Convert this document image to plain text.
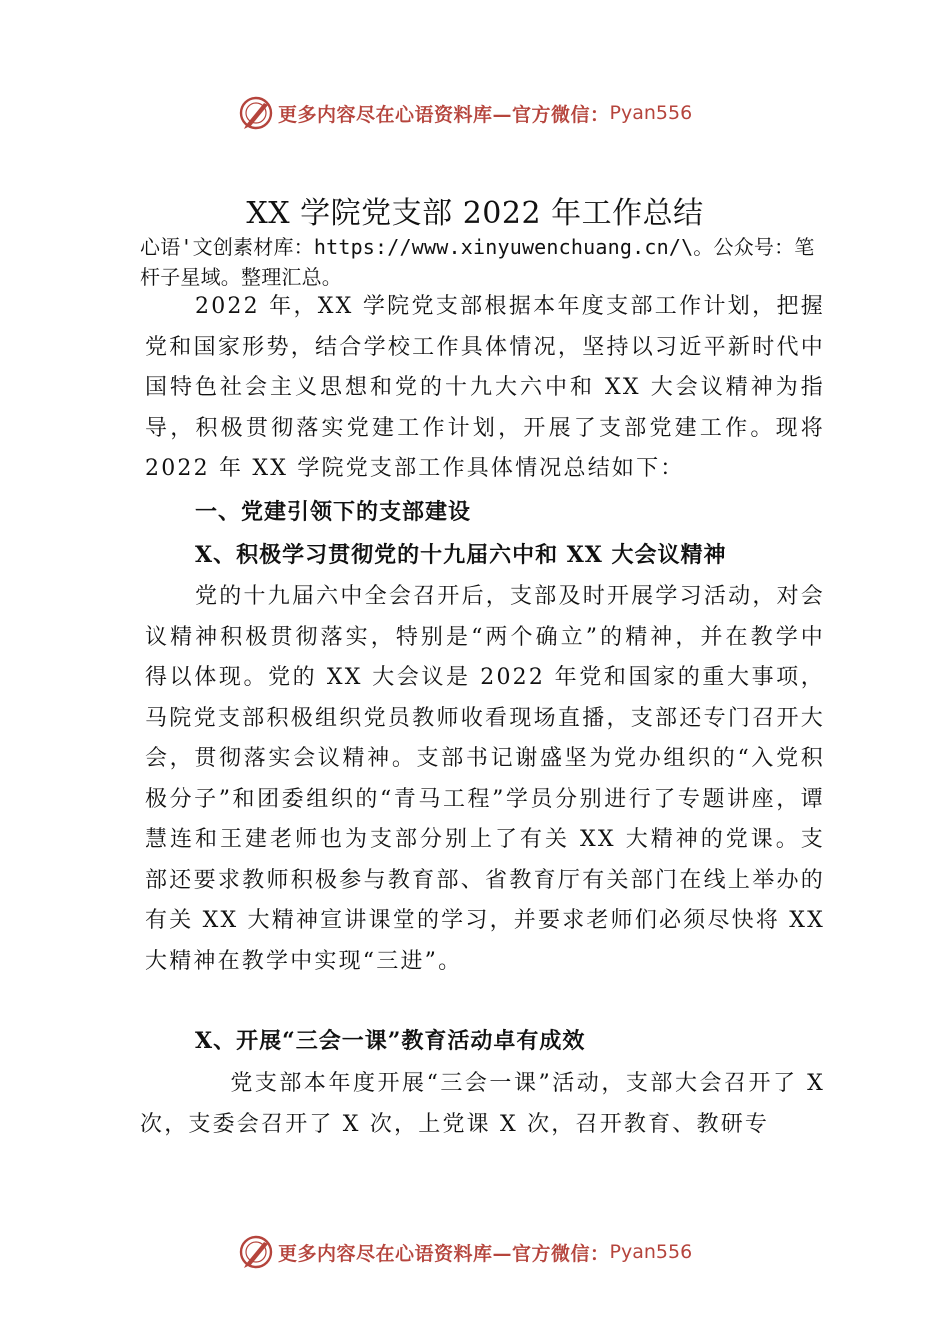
更多内容尽在心语资料库—官方微信： Pyan556
XX 学院党支部 2022 年工作总结
心语'文创素材库：https://www.xinyuwenchuang.cn/\。公众号：笔杆子星域。整理汇总。

2022 年，XX 学院党支部根据本年度支部工作计划，把握党和国家形势，结合学校工作具体情况，坚持以习近平新时代中国特色社会主义思想和党的十九大六中和 XX 大会议精神为指导，积极贯彻落实党建工作计划，开展了支部党建工作。现将 2022 年 XX 学院党支部工作具体情况总结如下：

一、党建引领下的支部建设
X、积极学习贯彻党的十九届六中和 XX 大会议精神

党的十九届六中全会召开后，支部及时开展学习活动，对会议精神积极贯彻落实，特别是“两个确立”的精神，并在教学中得以体现。党的 XX 大会议是 2022 年党和国家的重大事项，马院党支部积极组织党员教师收看现场直播，支部还专门召开大会，贯彻落实会议精神。支部书记谢盛坚为党办组织的“入党积极分子”和团委组织的“青马工程”学员分别进行了专题讲座，谭慧连和王建老师也为支部分别上了有关 XX 大精神的党课。支部还要求教师积极参与教育部、省教育厅有关部门在线上举办的有关 XX 大精神宣讲课堂的学习，并要求老师们必须尽快将 XX 大精神在教学中实现“三进”。

X、开展“三会一课”教育活动卓有成效

党支部本年度开展“三会一课”活动，支部大会召开了 X 次，支委会召开了 X 次，上党课 X 次，召开教育、教研专

更多内容尽在心语资料库—官方微信： Pyan556
